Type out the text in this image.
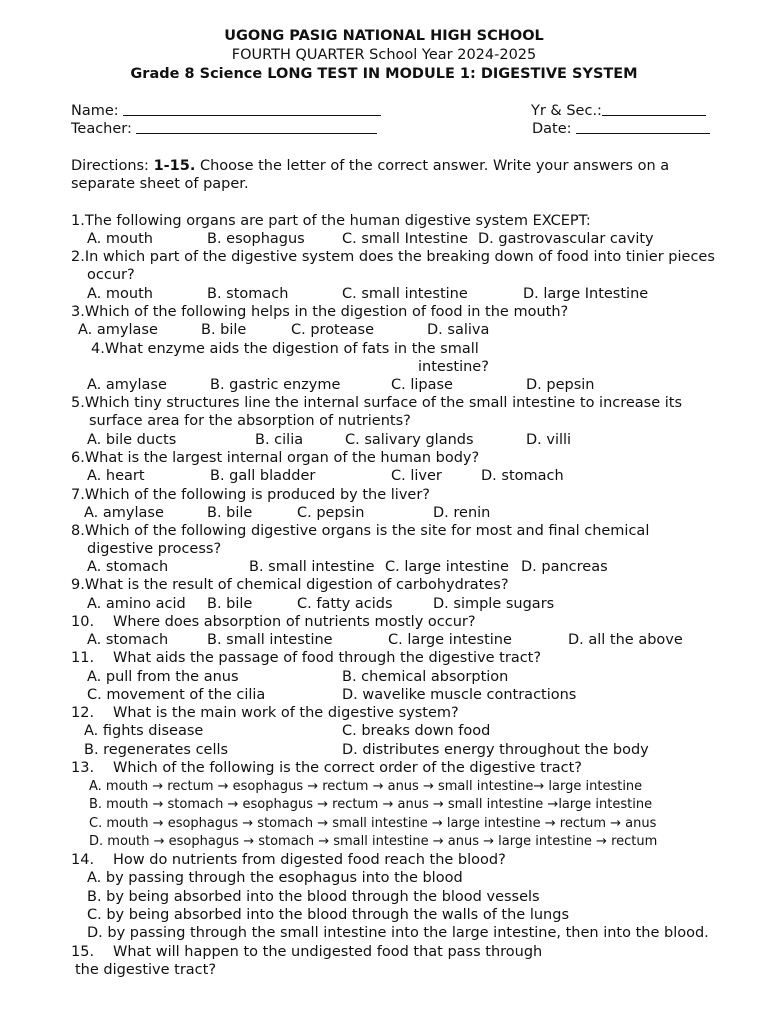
UGONG PASIG NATIONAL HIGH SCHOOL
FOURTH QUARTER School Year 2024-2025
Grade 8 Science LONG TEST IN MODULE 1: DIGESTIVE SYSTEM
Name:	Yr & Sec.:
Teacher:	Date:
Directions: 1-15. Choose the letter of the correct answer. Write your answers on a
separate sheet of paper.
1.The following organs are part of the human digestive system EXCEPT:
A. mouth	B. esophagus	C. small Intestine D. gastrovascular cavity
2.In which part of the digestive system does the breaking down of food into tinier pieces
occur?
A. mouth	B. stomach	C. small intestine	D. large Intestine
3.Which of the following helps in the digestion of food in the mouth?
A. amylase	B. bile	C. protease	D. saliva
4.What enzyme aids the digestion of fats in the small
intestine?
A. amylase	B. gastric enzyme	C. lipase	D. pepsin
5.Which tiny structures line the internal surface of the small intestine to increase its
surface area for the absorption of nutrients?
A. bile ducts	B. cilia	C. salivary glands	D. villi
6.What is the largest internal organ of the human body?
A. heart	B. gall bladder	C. liver	D. stomach
7.Which of the following is produced by the liver?
A. amylase	B. bile	C. pepsin	D. renin
8.Which of the following digestive organs is the site for most and final chemical
digestive process?
A. stomach	B. small intestine C. large intestine D. pancreas
9.What is the result of chemical digestion of carbohydrates?
A. amino acid B. bile	C. fatty acids	D. simple sugars
10. Where does absorption of nutrients mostly occur?
A. stomach	B. small intestine	C. large intestine	D. all the above
11. What aids the passage of food through the digestive tract?
A. pull from the anus	B. chemical absorption
C. movement of the cilia	D. wavelike muscle contractions
12. What is the main work of the digestive system?
A. fights disease	C. breaks down food
B. regenerates cells	D. distributes energy throughout the body
13. Which of the following is the correct order of the digestive tract?
A. mouth → rectum → esophagus → rectum → anus → small intestine→ large intestine
B. mouth → stomach → esophagus → rectum → anus → small intestine →large intestine
C. mouth → esophagus → stomach → small intestine → large intestine → rectum → anus
D. mouth → esophagus → stomach → small intestine → anus → large intestine → rectum
14. How do nutrients from digested food reach the blood?
A. by passing through the esophagus into the blood
B. by being absorbed into the blood through the blood vessels
C. by being absorbed into the blood through the walls of the lungs
D. by passing through the small intestine into the large intestine, then into the blood.
15. What will happen to the undigested food that pass through
the digestive tract?
